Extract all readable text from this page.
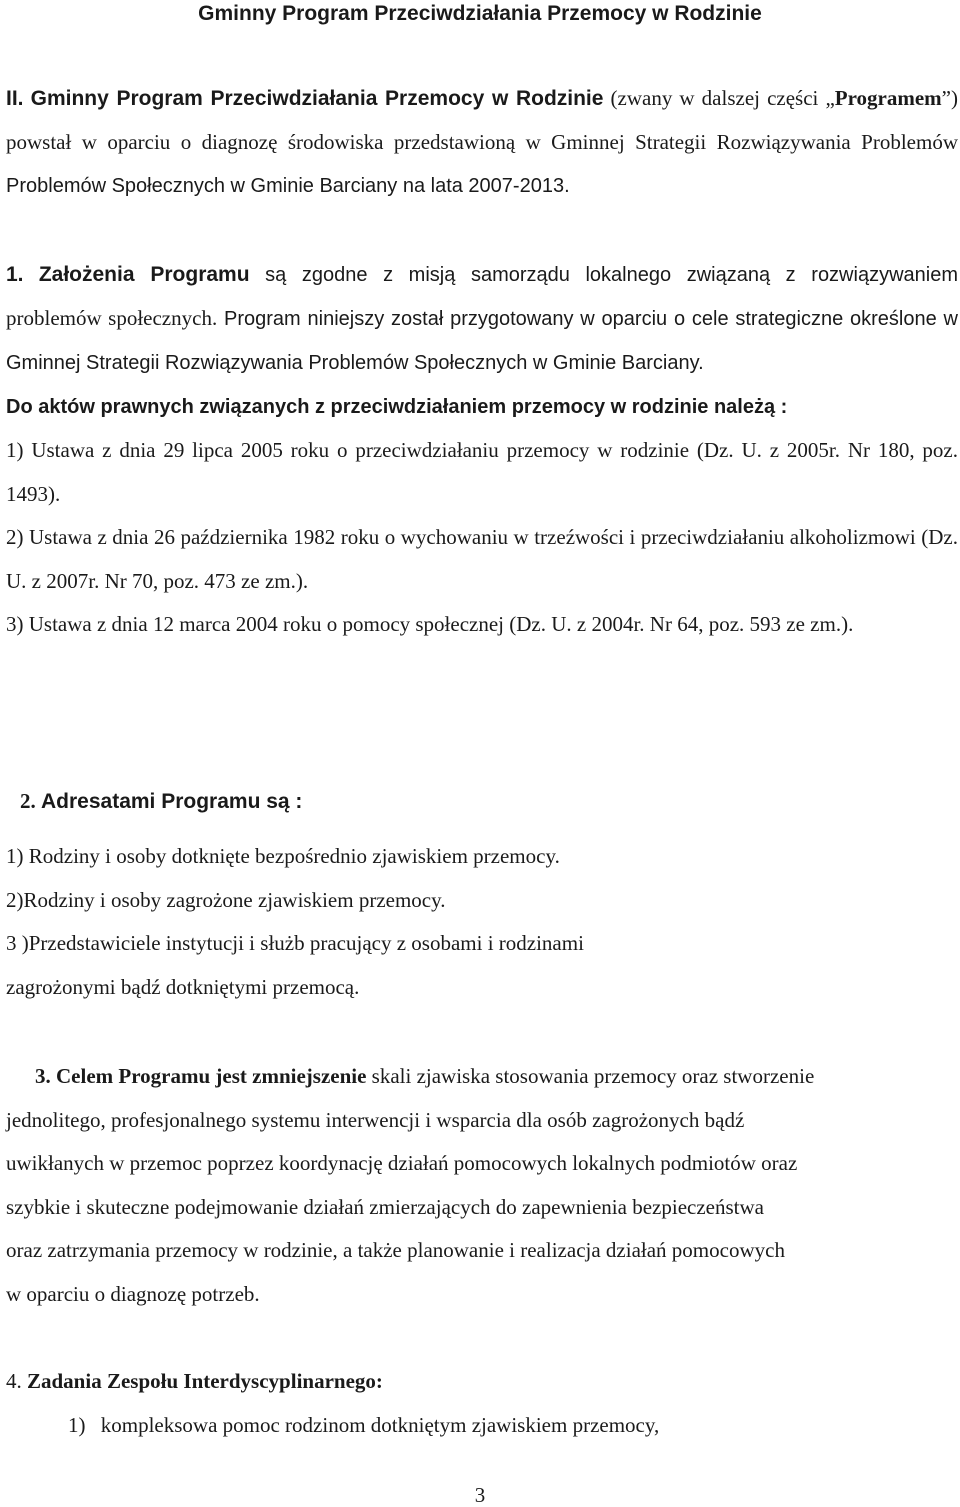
Gminny Program Przeciwdziałania Przemocy w Rodzinie
II. Gminny Program Przeciwdziałania Przemocy w Rodzinie (zwany w dalszej części „Programem”) powstał w oparciu o diagnozę środowiska przedstawioną w Gminnej Strategii Rozwiązywania Problemów Problemów Społecznych w Gminie Barciany na lata 2007-2013.
1. Założenia Programu są zgodne z misją samorządu lokalnego związaną z rozwiązywaniem
problemów społecznych. Program niniejszy został przygotowany w oparciu o cele strategiczne określone w Gminnej Strategii Rozwiązywania Problemów Społecznych w Gminie Barciany.
Do aktów prawnych związanych z przeciwdziałaniem przemocy w rodzinie należą :
1) Ustawa z dnia 29 lipca 2005 roku o przeciwdziałaniu przemocy w rodzinie (Dz. U. z 2005r. Nr 180, poz. 1493).
2) Ustawa z dnia 26 października 1982 roku o wychowaniu w trzeźwości i przeciwdziałaniu alkoholizmowi (Dz. U. z 2007r. Nr 70, poz. 473 ze zm.).
3) Ustawa z dnia 12 marca 2004 roku o pomocy społecznej (Dz. U. z 2004r. Nr 64, poz. 593 ze zm.).
2. Adresatami Programu są :
1) Rodziny i osoby dotknięte bezpośrednio zjawiskiem przemocy.
2)Rodziny i osoby zagrożone zjawiskiem przemocy.
3 )Przedstawiciele instytucji i służb pracujący z osobami i rodzinami
zagrożonymi bądź dotkniętymi przemocą.
3. Celem Programu jest zmniejszenie skali zjawiska stosowania przemocy oraz stworzenie
jednolitego, profesjonalnego systemu interwencji i wsparcia dla osób zagrożonych bądź
uwikłanych w przemoc poprzez koordynację działań pomocowych lokalnych podmiotów oraz
szybkie i skuteczne podejmowanie działań zmierzających do zapewnienia bezpieczeństwa
oraz zatrzymania przemocy w rodzinie, a także planowanie i realizacja działań pomocowych
w oparciu o diagnozę potrzeb.
4. Zadania Zespołu Interdyscyplinarnego:
1) kompleksowa pomoc rodzinom dotkniętym zjawiskiem przemocy,
3
